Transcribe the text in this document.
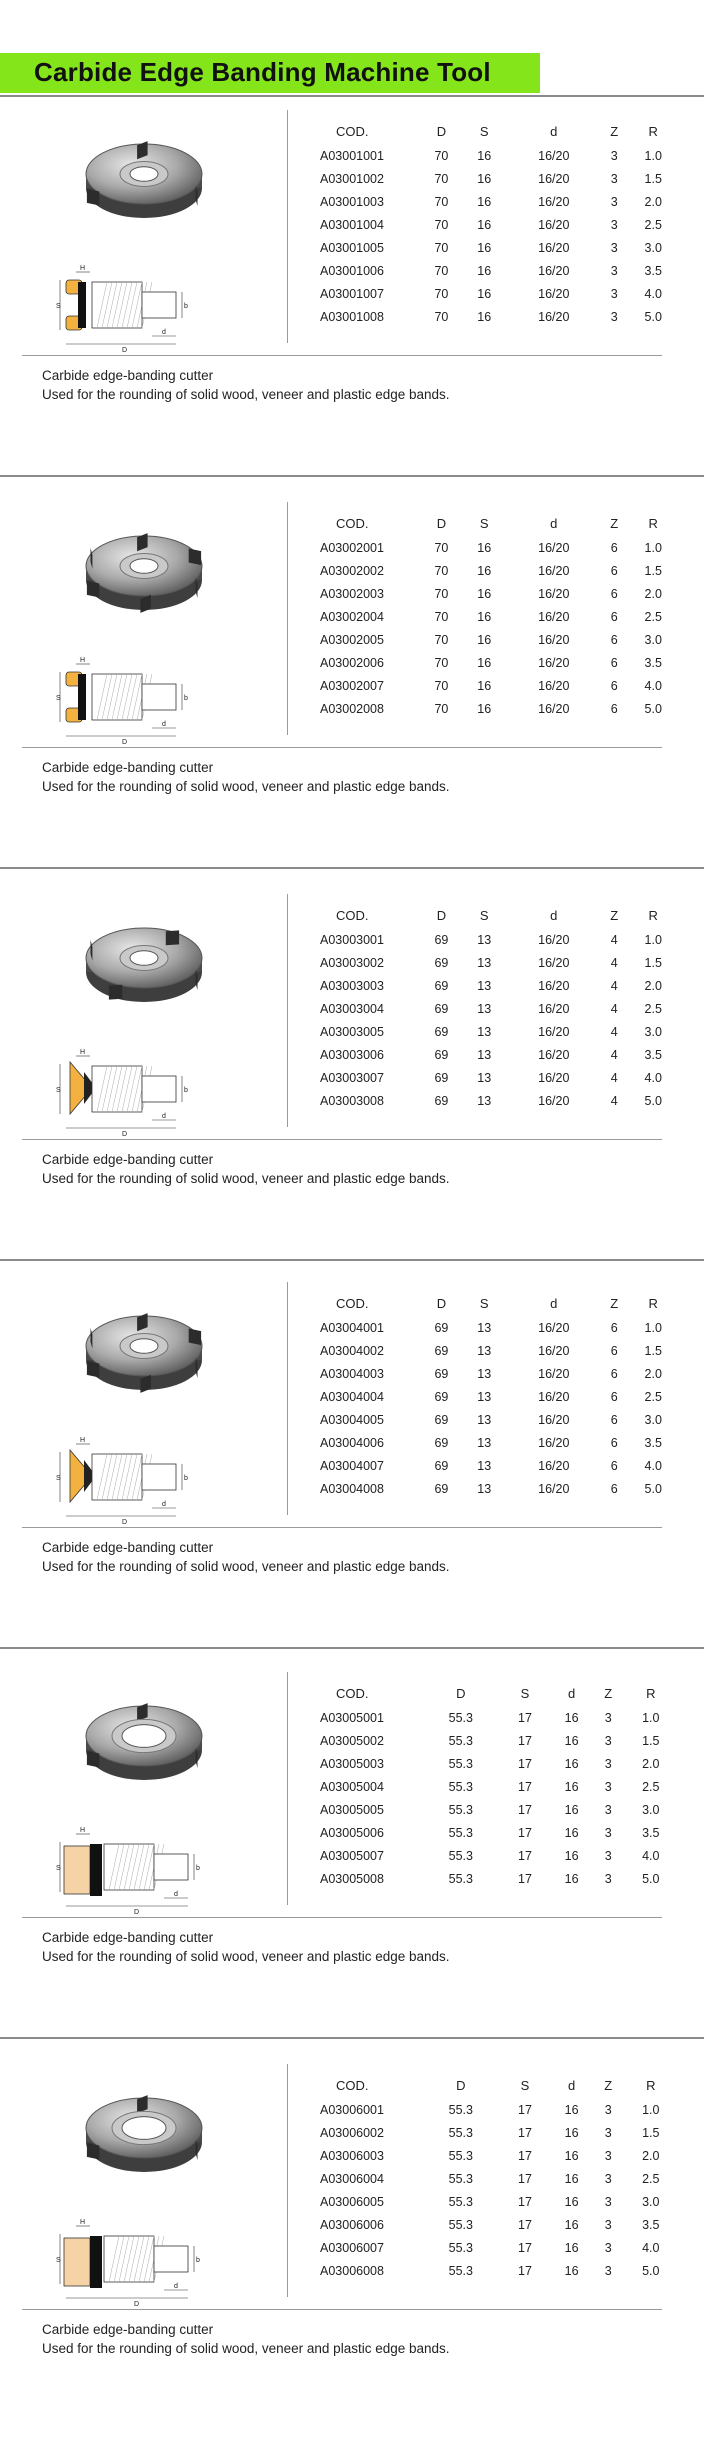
Carbide Edge Banding Machine Tool
H
S	b
d
D
COD.	D	S	d	Z	R
A03001001	70	16	16/20	3	1.0
A03001002	70	16	16/20	3	1.5
A03001003	70	16	16/20	3	2.0
A03001004	70	16	16/20	3	2.5
A03001005	70	16	16/20	3	3.0
A03001006	70	16	16/20	3	3.5
A03001007	70	16	16/20	3	4.0
A03001008	70	16	16/20	3	5.0
Carbide edge-banding cutter
Used for the rounding of solid wood, veneer and plastic edge bands.
H
S	b
d
D
COD.	D	S	d	Z	R
A03002001	70	16	16/20	6	1.0
A03002002	70	16	16/20	6	1.5
A03002003	70	16	16/20	6	2.0
A03002004	70	16	16/20	6	2.5
A03002005	70	16	16/20	6	3.0
A03002006	70	16	16/20	6	3.5
A03002007	70	16	16/20	6	4.0
A03002008	70	16	16/20	6	5.0
Carbide edge-banding cutter
Used for the rounding of solid wood, veneer and plastic edge bands.
H
S	b
d
D
COD.	D	S	d	Z	R
A03003001	69	13	16/20	4	1.0
A03003002	69	13	16/20	4	1.5
A03003003	69	13	16/20	4	2.0
A03003004	69	13	16/20	4	2.5
A03003005	69	13	16/20	4	3.0
A03003006	69	13	16/20	4	3.5
A03003007	69	13	16/20	4	4.0
A03003008	69	13	16/20	4	5.0
Carbide edge-banding cutter
Used for the rounding of solid wood, veneer and plastic edge bands.
H
S	b
d
D
COD.	D	S	d	Z	R
A03004001	69	13	16/20	6	1.0
A03004002	69	13	16/20	6	1.5
A03004003	69	13	16/20	6	2.0
A03004004	69	13	16/20	6	2.5
A03004005	69	13	16/20	6	3.0
A03004006	69	13	16/20	6	3.5
A03004007	69	13	16/20	6	4.0
A03004008	69	13	16/20	6	5.0
Carbide edge-banding cutter
Used for the rounding of solid wood, veneer and plastic edge bands.
H
S	b
d
D
COD.	D	S	d	Z	R
A03005001	55.3	17	16	3	1.0
A03005002	55.3	17	16	3	1.5
A03005003	55.3	17	16	3	2.0
A03005004	55.3	17	16	3	2.5
A03005005	55.3	17	16	3	3.0
A03005006	55.3	17	16	3	3.5
A03005007	55.3	17	16	3	4.0
A03005008	55.3	17	16	3	5.0
Carbide edge-banding cutter
Used for the rounding of solid wood, veneer and plastic edge bands.
H
S	b
d
D
COD.	D	S	d	Z	R
A03006001	55.3	17	16	3	1.0
A03006002	55.3	17	16	3	1.5
A03006003	55.3	17	16	3	2.0
A03006004	55.3	17	16	3	2.5
A03006005	55.3	17	16	3	3.0
A03006006	55.3	17	16	3	3.5
A03006007	55.3	17	16	3	4.0
A03006008	55.3	17	16	3	5.0
Carbide edge-banding cutter
Used for the rounding of solid wood, veneer and plastic edge bands.
